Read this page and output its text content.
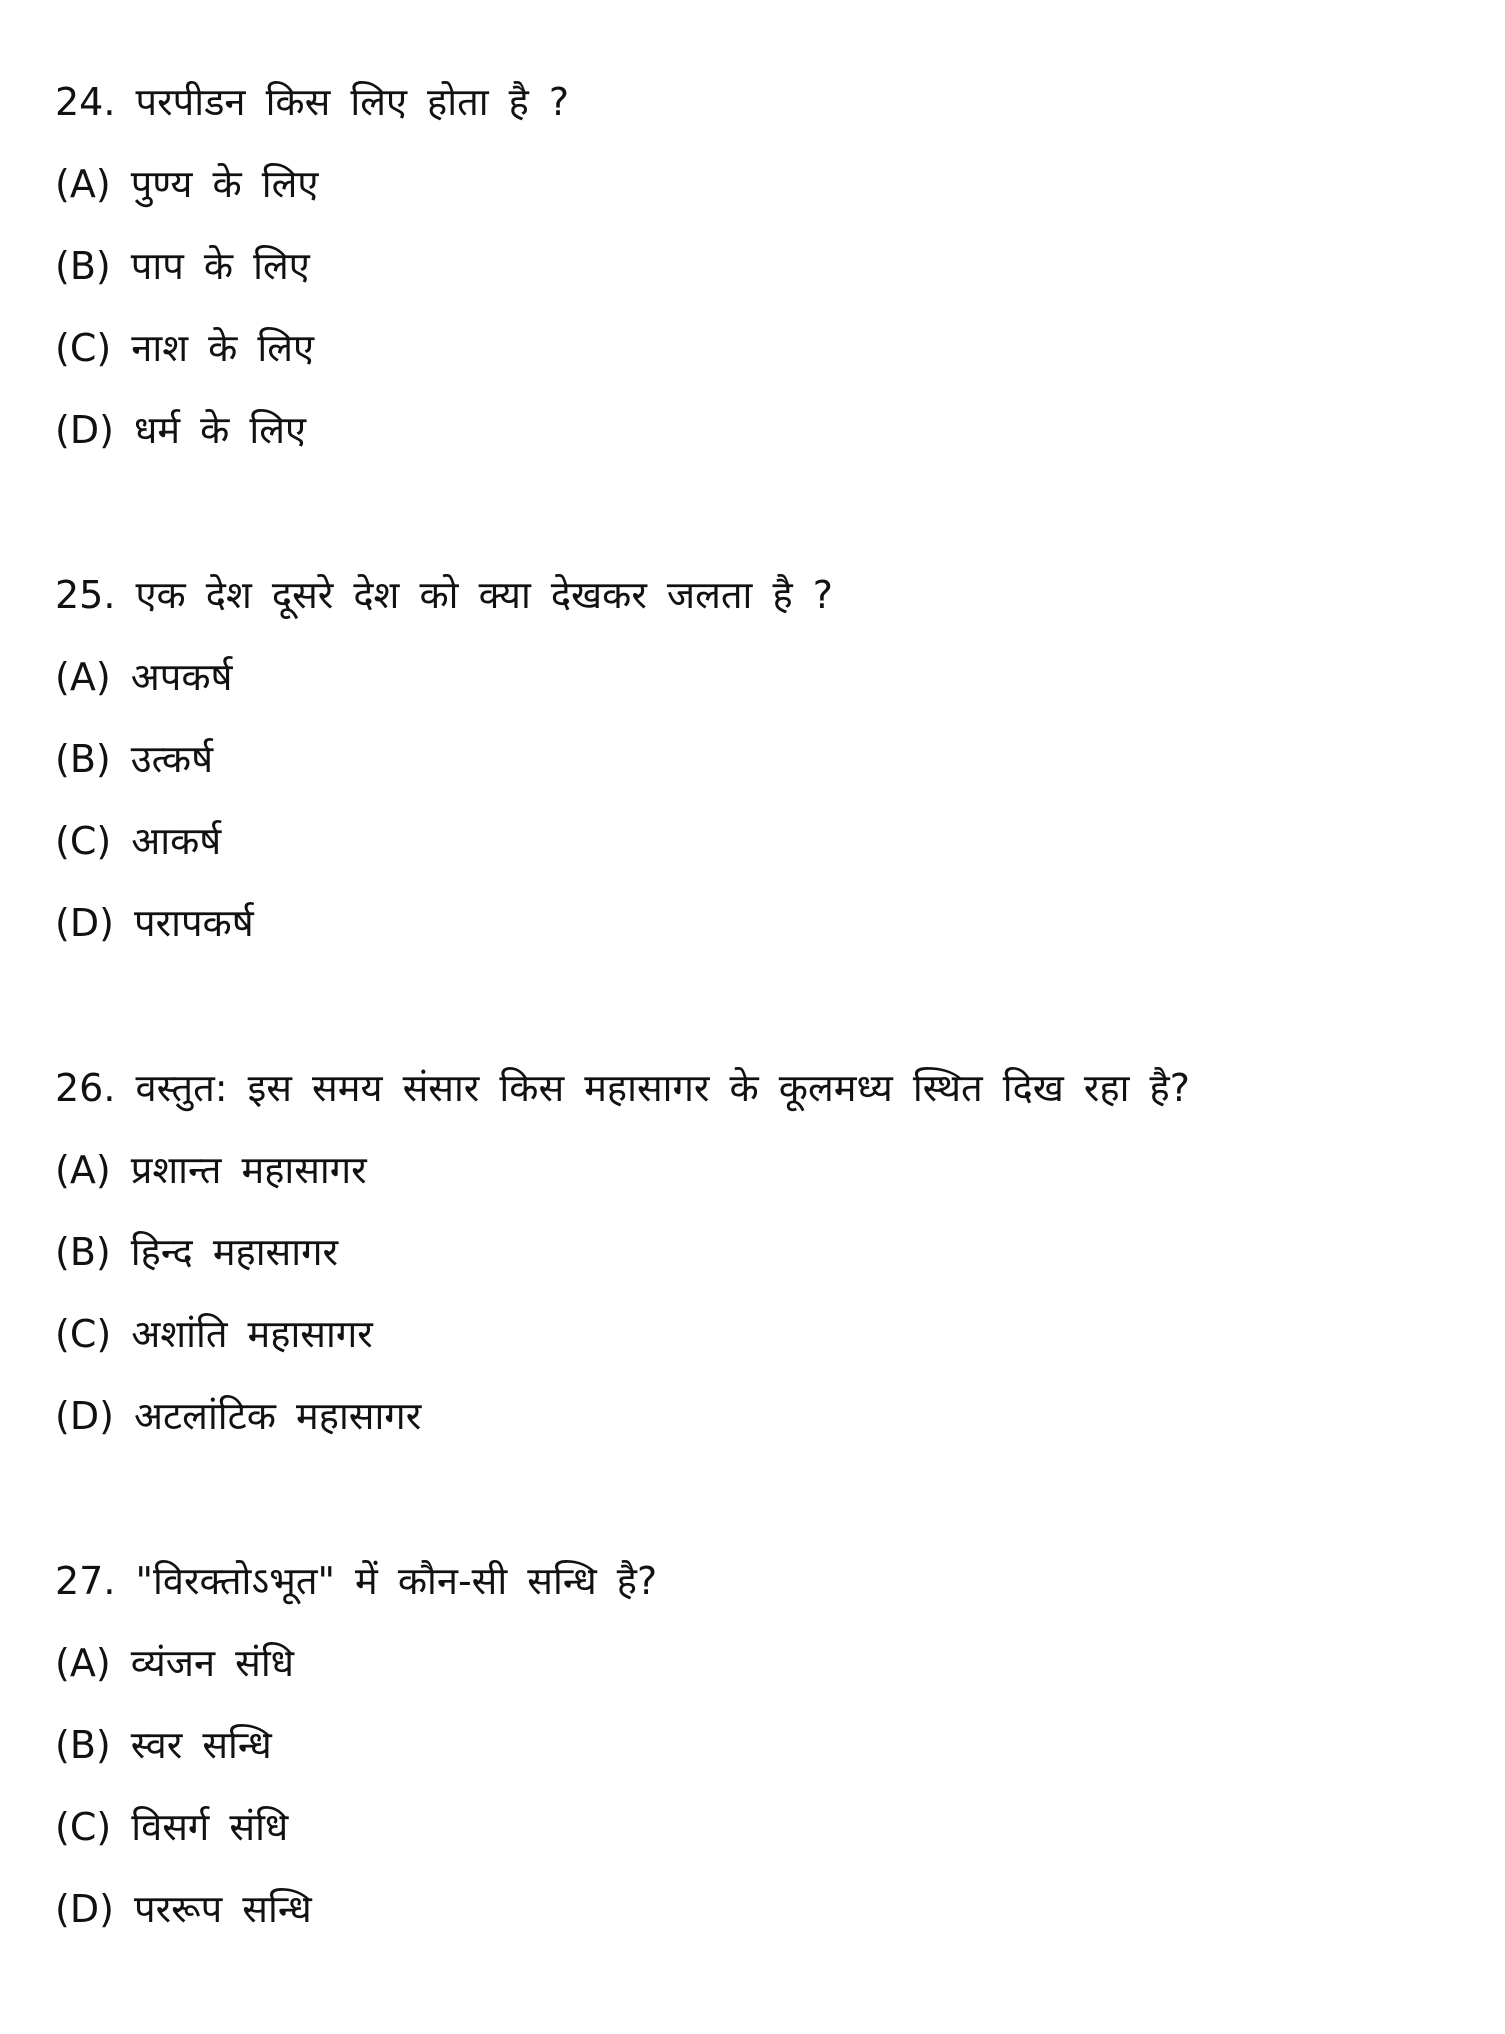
24. परपीडन किस लिए होता है ?
(A) पुण्य के लिए
(B) पाप के लिए
(C) नाश के लिए
(D) धर्म के लिए
25. एक देश दूसरे देश को क्या देखकर जलता है ?
(A) अपकर्ष
(B) उत्कर्ष
(C) आकर्ष
(D) परापकर्ष
26. वस्तुत: इस समय संसार किस महासागर के कूलमध्य स्थित दिख रहा है?
(A) प्रशान्त महासागर
(B) हिन्द महासागर
(C) अशांति महासागर
(D) अटलांटिक महासागर
27. "विरक्तोऽभूत" में कौन-सी सन्धि है?
(A) व्यंजन संधि
(B) स्वर सन्धि
(C) विसर्ग संधि
(D) पररूप सन्धि
